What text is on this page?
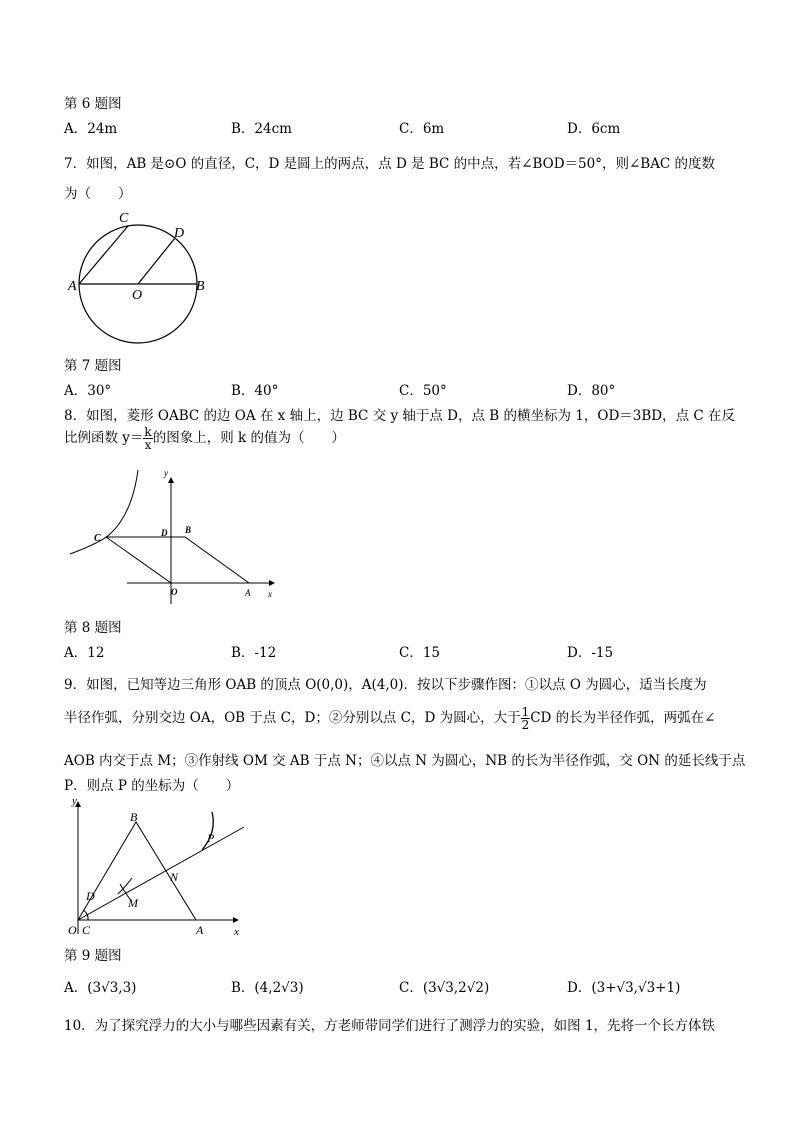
第 6 题图
A．24m	B．24cm	C．6m	D．6cm
7．如图，AB 是⊙O 的直径，C，D 是圆上的两点，点 D 是 BC 的中点，若∠BOD＝50°，则∠BAC 的度数
为（　　）
C
D
A
O
B
第 7 题图
A．30°	B．40°	C．50°	D．80°
8．如图，菱形 OABC 的边 OA 在 x 轴上，边 BC 交 y 轴于点 D，点 B 的横坐标为 1，OD＝3BD，点 C 在反
比例函数 $y= \frac{k}{x}$ 的图象上，则 k 的值为（　　）
y
C	D B
O	A x
第 8 题图
A．12	B．-12	C．15	D．-15
9．如图，已知等边三角形 OAB 的顶点 O(0,0)，A(4,0)．按以下步骤作图：①以点 O 为圆心，适当长度为
半径作弧，分别交边 OA，OB 于点 C，D；②分别以点 C，D 为圆心，大于 $\frac{1}{2}$ CD 的长为半径作弧，两弧在∠
AOB 内交于点 M；③作射线 OM 交 AB 于点 N；④以点 N 为圆心，NB 的长为半径作弧，交 ON 的延长线于点
P．则点 P 的坐标为（　　）
y
B
P
N
D	M
O C	A	x
第 9 题图
A．(3√3,3)	B．(4,2√3)	C．(3√3,2√2)	D．(3+√3,√3+1)
10．为了探究浮力的大小与哪些因素有关，方老师带同学们进行了测浮力的实验，如图 1，先将一个长方体铁
